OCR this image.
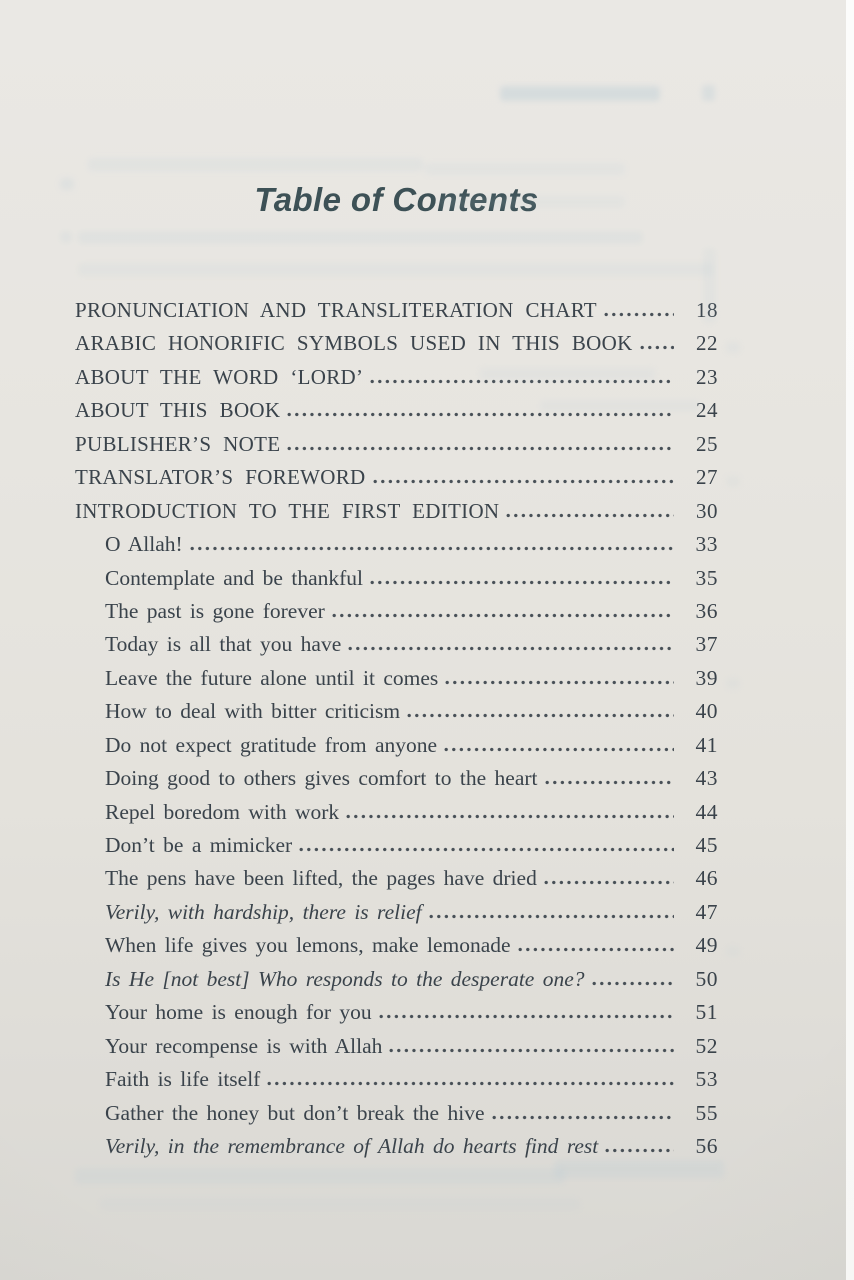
Table of Contents
PRONUNCIATION AND TRANSLITERATION CHART	18
ARABIC HONORIFIC SYMBOLS USED IN THIS BOOK	22
ABOUT THE WORD ‘LORD’	23
ABOUT THIS BOOK	24
PUBLISHER’S NOTE	25
TRANSLATOR’S FOREWORD	27
INTRODUCTION TO THE FIRST EDITION	30
O Allah!	33
Contemplate and be thankful	35
The past is gone forever	36
Today is all that you have	37
Leave the future alone until it comes	39
How to deal with bitter criticism	40
Do not expect gratitude from anyone	41
Doing good to others gives comfort to the heart	43
Repel boredom with work	44
Don’t be a mimicker	45
The pens have been lifted, the pages have dried	46
Verily, with hardship, there is relief	47
When life gives you lemons, make lemonade	49
Is He [not best] Who responds to the desperate one?	50
Your home is enough for you	51
Your recompense is with Allah	52
Faith is life itself	53
Gather the honey but don’t break the hive	55
Verily, in the remembrance of Allah do hearts find rest	56
